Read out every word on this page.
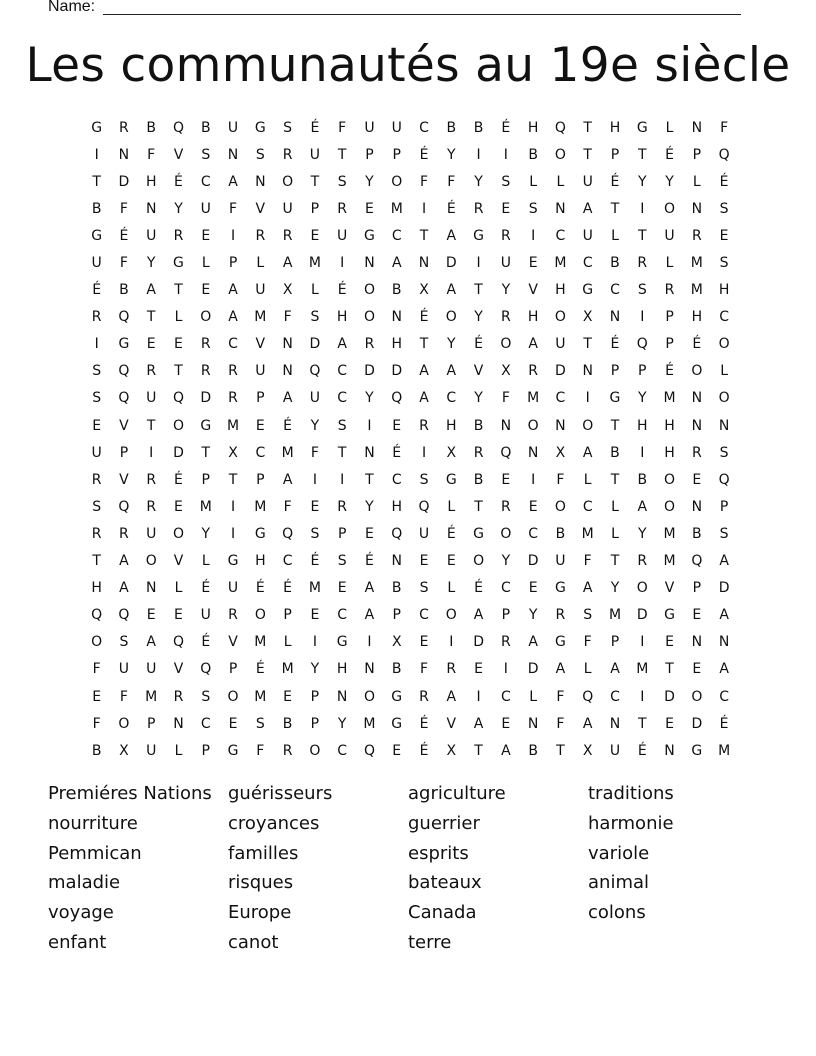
Name:
Les communautés au 19e siècle
G	R	B	Q	B	U	G	S	É	F	U	U	C	B	B	É	H	Q	T	H	G	L	N	F
I	N	F	V	S	N	S	R	U	T	P	P	É	Y	I	I	B	O	T	P	T	É	P	Q
T	D	H	É	C	A	N	O	T	S	Y	O	F	F	Y	S	L	L	U	É	Y	Y	L	É
B	F	N	Y	U	F	V	U	P	R	E	M	I	É	R	E	S	N	A	T	I	O	N	S
G	É	U	R	E	I	R	R	E	U	G	C	T	A	G	R	I	C	U	L	T	U	R	E
U	F	Y	G	L	P	L	A	M	I	N	A	N	D	I	U	E	M	C	B	R	L	M	S
É	B	A	T	E	A	U	X	L	É	O	B	X	A	T	Y	V	H	G	C	S	R	M	H
R	Q	T	L	O	A	M	F	S	H	O	N	É	O	Y	R	H	O	X	N	I	P	H	C
I	G	E	E	R	C	V	N	D	A	R	H	T	Y	É	O	A	U	T	É	Q	P	É	O
S	Q	R	T	R	R	U	N	Q	C	D	D	A	A	V	X	R	D	N	P	P	É	O	L
S	Q	U	Q	D	R	P	A	U	C	Y	Q	A	C	Y	F	M	C	I	G	Y	M	N	O
E	V	T	O	G	M	E	É	Y	S	I	E	R	H	B	N	O	N	O	T	H	H	N	N
U	P	I	D	T	X	C	M	F	T	N	É	I	X	R	Q	N	X	A	B	I	H	R	S
R	V	R	É	P	T	P	A	I	I	T	C	S	G	B	E	I	F	L	T	B	O	E	Q
S	Q	R	E	M	I	M	F	E	R	Y	H	Q	L	T	R	E	O	C	L	A	O	N	P
R	R	U	O	Y	I	G	Q	S	P	E	Q	U	É	G	O	C	B	M	L	Y	M	B	S
T	A	O	V	L	G	H	C	É	S	É	N	E	E	O	Y	D	U	F	T	R	M	Q	A
H	A	N	L	É	U	É	É	M	E	A	B	S	L	É	C	E	G	A	Y	O	V	P	D
Q	Q	E	E	U	R	O	P	E	C	A	P	C	O	A	P	Y	R	S	M	D	G	E	A
O	S	A	Q	É	V	M	L	I	G	I	X	E	I	D	R	A	G	F	P	I	E	N	N
F	U	U	V	Q	P	É	M	Y	H	N	B	F	R	E	I	D	A	L	A	M	T	E	A
E	F	M	R	S	O	M	E	P	N	O	G	R	A	I	C	L	F	Q	C	I	D	O	C
F	O	P	N	C	E	S	B	P	Y	M	G	É	V	A	E	N	F	A	N	T	E	D	É
B	X	U	L	P	G	F	R	O	C	Q	E	É	X	T	A	B	T	X	U	É	N	G	M
Premiéres Nations
nourriture
Pemmican
maladie
voyage
enfant
guérisseurs
croyances
familles
risques
Europe
canot
agriculture
guerrier
esprits
bateaux
Canada
terre
traditions
harmonie
variole
animal
colons
